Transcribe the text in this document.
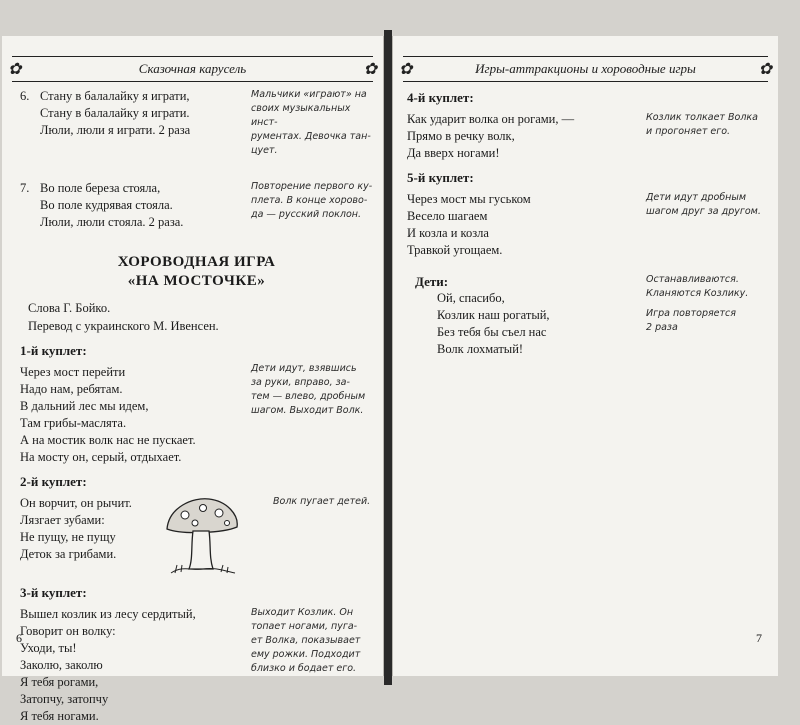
✿	Сказочная карусель	✿
6. Стану в балалайку я играти,
Стану в балалайку я играти.
Люли, люли я играти. 2 раза
Мальчики «играют» на
своих музыкальных инст-
рументах. Девочка тан-
цует.
7. Во поле береза стояла,
Во поле кудрявая стояла.
Люли, люли стояла. 2 раза.
Повторение первого ку-
плета. В конце хорово-
да — русский поклон.
ХОРОВОДНАЯ ИГРА
«НА МОСТОЧКЕ»
Слова Г. Бойко.
Перевод с украинского М. Ивенсен.
1-й куплет:
Через мост перейти
Надо нам, ребятам.
В дальний лес мы идем,
Там грибы-маслята.
А на мостик волк нас не пускает.
На мосту он, серый, отдыхает.
Дети идут, взявшись
за руки, вправо, за-
тем — влево, дробным
шагом. Выходит Волк.
2-й куплет:
Он ворчит, он рычит.
Лязгает зубами:
Не пущу, не пущу
Деток за грибами.
Волк пугает детей.
3-й куплет:
Вышел козлик из лесу сердитый,
Говорит он волку:
Уходи, ты!
Заколю, заколю
Я тебя рогами,
Затопчу, затопчу
Я тебя ногами.
Выходит Козлик. Он
топает ногами, пуга-
ет Волка, показывает
ему рожки. Подходит
близко и бодает его.
6
✿	Игры-аттракционы и хороводные игры	✿
4-й куплет:
Как ударит волка он рогами, —
Прямо в речку волк,
Да вверх ногами!
Козлик толкает Волка
и прогоняет его.
5-й куплет:
Через мост мы гуськом
Весело шагаем
И козла и козла
Травкой угощаем.
Дети идут дробным
шагом друг за другом.
Дети:
Ой, спасибо,
Козлик наш рогатый,
Без тебя бы съел нас
Волк лохматый!
Останавливаются.
Кланяются Козлику.
Игра повторяется
2 раза
7
